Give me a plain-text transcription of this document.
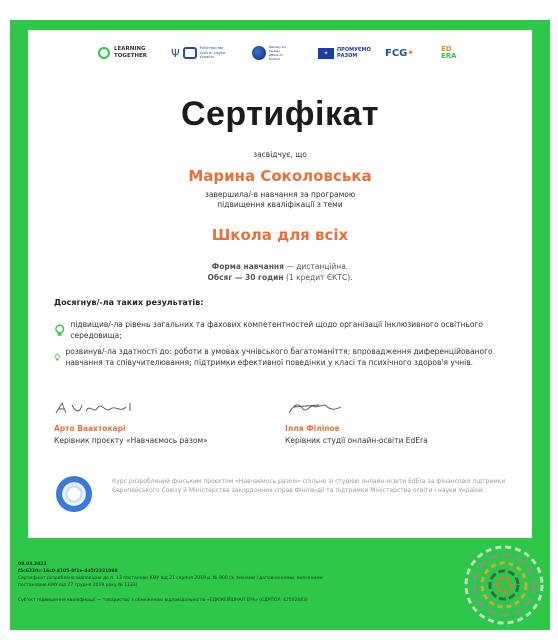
LEARNING TOGETHER	Ψ	Міністерство освіти і науки України
Ministry for Foreign Affairs of Finland
✦	ПРОМУЄМО РАЗОМ	FCG •	ED
ERA
Сертифікат
засвідчує, що
Марина Соколовська
завершила/-в навчання за програмою
підвищення кваліфікації з теми
Школа для всіх
Форма навчання — дистанційна.
Обсяг — 30 годин (1 кредит ЄКТС).
Досягнув/-ла таких результатів:
підвищив/-ла рівень загальних та фахових компетентностей щодо організації інклюзивного освітнього середовища;
розвинув/-ла здатності до: роботи в умовах учнівського багатоманіття; впровадження диференційованого навчання та співучителювання; підтримки ефективної поведінки у класі та психічного здоров'я учнів.
Арто Ваахтокарі
Керівник проєкту «Навчаємось разом»
Ілля Філіпов
Керівник студії онлайн-освіти EdEra
Курс розроблений фінським проєктом «Навчаємось разом» спільно зі студією онлайн-освіти EdEra за фінансової підтримки Європейського Союзу й Міністерства закордонних справ Фінляндії та підтримки Міністерства освіти і науки України.
09.03.2023
f5c6320c-16c0-4105-8f1e-4d5f2331060
Сертифікат розроблено відповідно до п. 13 постанови КМУ від 21 серпня 2019 р. № 800 (зі змінами і доповненнями, внесеними
постановою КМУ від 27 грудня 2019 року № 1133)
Суб'єкт підвищення кваліфікації — товариство з обмеженою відповідальністю «ЕДЮКЕЙШНАЛ ЕРА» (ЄДРПОУ: 42502643)
